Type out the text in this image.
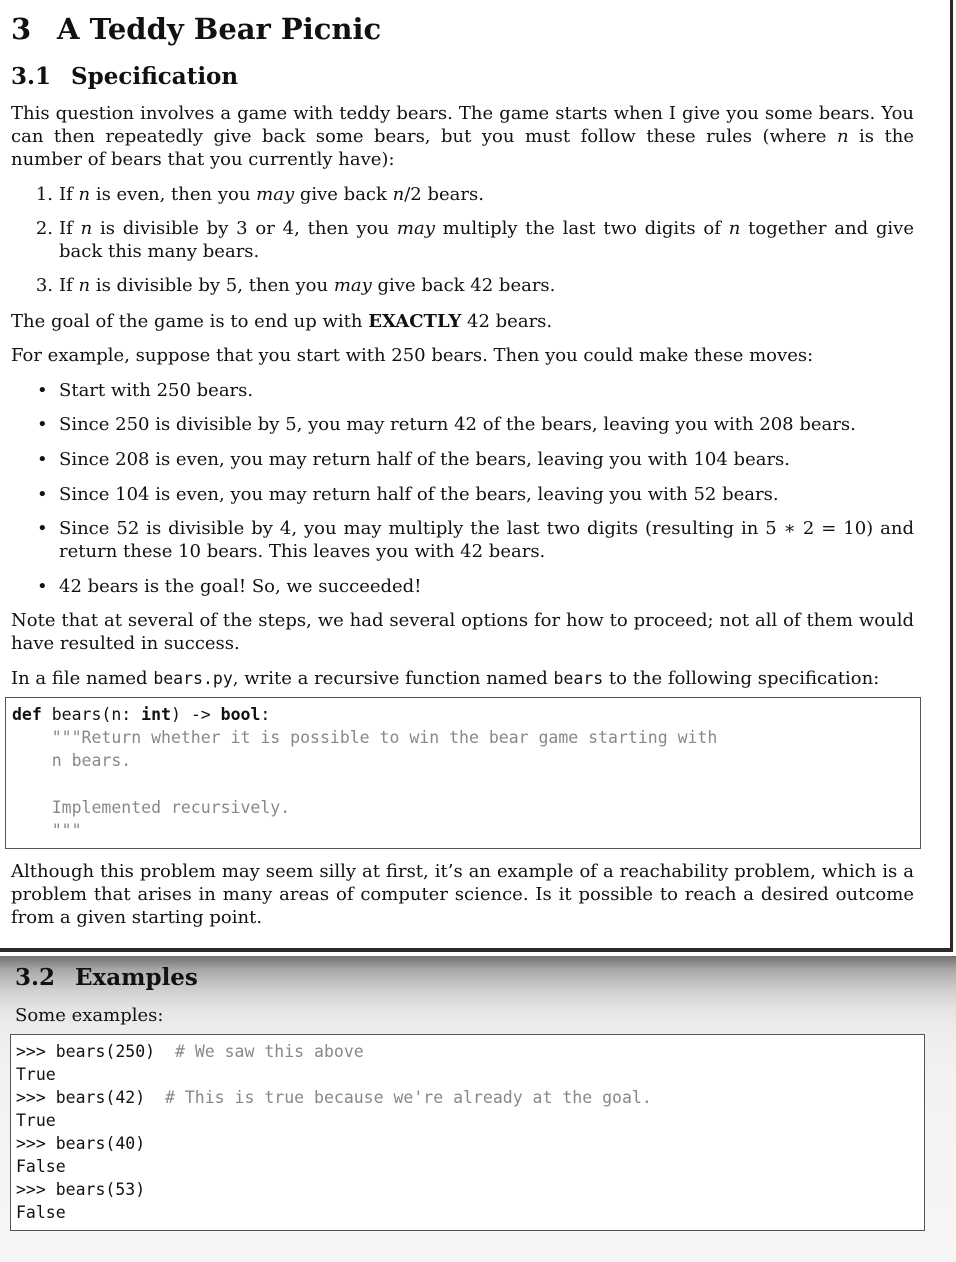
3 A Teddy Bear Picnic
3.1 Specification
This question involves a game with teddy bears. The game starts when I give you some bears. You can then repeatedly give back some bears, but you must follow these rules (where n is the number of bears that you currently have):
1. If n is even, then you may give back n/2 bears.
2. If n is divisible by 3 or 4, then you may multiply the last two digits of n together and give back this many bears.
3. If n is divisible by 5, then you may give back 42 bears.
The goal of the game is to end up with EXACTLY 42 bears.
For example, suppose that you start with 250 bears. Then you could make these moves:
• Start with 250 bears.
• Since 250 is divisible by 5, you may return 42 of the bears, leaving you with 208 bears.
• Since 208 is even, you may return half of the bears, leaving you with 104 bears.
• Since 104 is even, you may return half of the bears, leaving you with 52 bears.
• Since 52 is divisible by 4, you may multiply the last two digits (resulting in 5 ∗ 2 = 10) and return these 10 bears. This leaves you with 42 bears.
• 42 bears is the goal! So, we succeeded!
Note that at several of the steps, we had several options for how to proceed; not all of them would have resulted in success.
In a file named bears.py, write a recursive function named bears to the following specification:
def bears(n: int) -> bool:
"""Return whether it is possible to win the bear game starting with
n bears.
Implemented recursively.
"""
Although this problem may seem silly at first, it’s an example of a reachability problem, which is a problem that arises in many areas of computer science. Is it possible to reach a desired outcome from a given starting point.
3.2 Examples
Some examples:
>>> bears(250)  # We saw this above
True
>>> bears(42)  # This is true because we're already at the goal.
True
>>> bears(40)
False
>>> bears(53)
False
